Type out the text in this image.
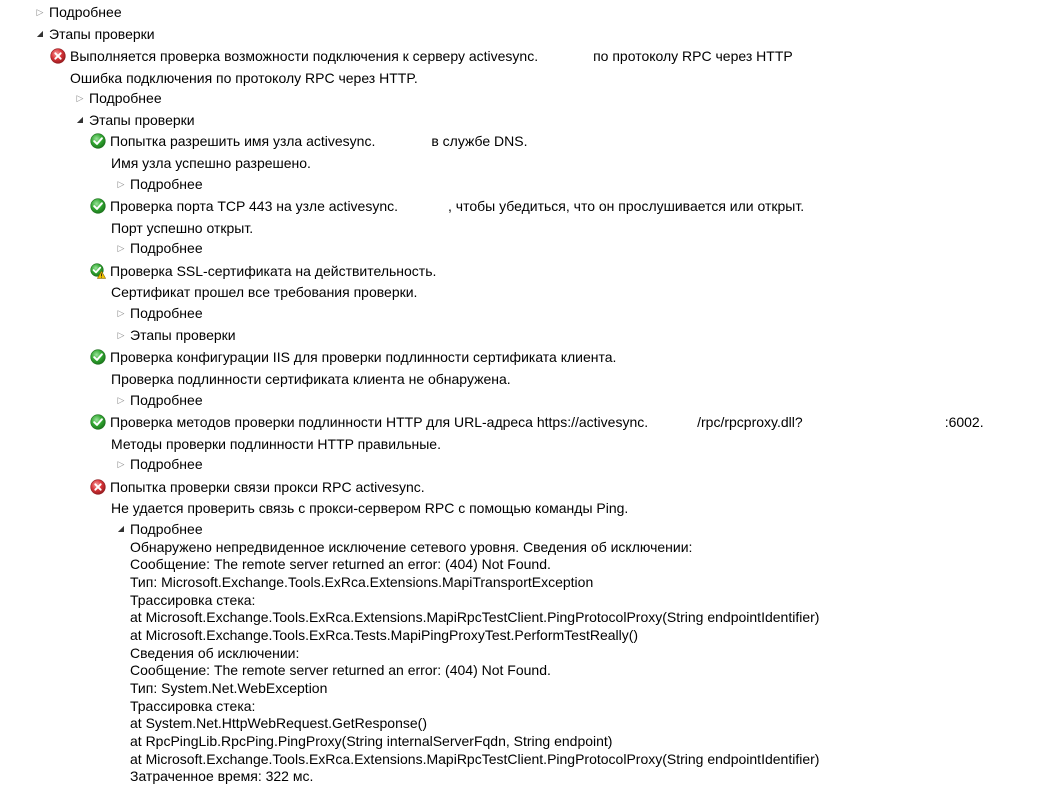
▷ Подробнее
◢ Этапы проверки
Выполняется проверка возможности подключения к серверу activesync.	по протоколу RPC через HTTP
Ошибка подключения по протоколу RPC через HTTP.
▷ Подробнее
◢ Этапы проверки
Попытка разрешить имя узла activesync.	в службе DNS.
Имя узла успешно разрешено.
▷ Подробнее
Проверка порта TCP 443 на узле activesync.	, чтобы убедиться, что он прослушивается или открыт.
Порт успешно открыт.
▷ Подробнее
Проверка SSL-сертификата на действительность.
Сертификат прошел все требования проверки.
▷ Подробнее
▷ Этапы проверки
Проверка конфигурации IIS для проверки подлинности сертификата клиента.
Проверка подлинности сертификата клиента не обнаружена.
▷ Подробнее
Проверка методов проверки подлинности HTTP для URL-адреса https://activesync.	/rpc/rpcproxy.dll?	:6002.
Методы проверки подлинности HTTP правильные.
▷ Подробнее
Попытка проверки связи прокси RPC activesync.
Не удается проверить связь с прокси-сервером RPC с помощью команды Ping.
◢ Подробнее
Обнаружено непредвиденное исключение сетевого уровня. Сведения об исключении:
Сообщение: The remote server returned an error: (404) Not Found.
Тип: Microsoft.Exchange.Tools.ExRca.Extensions.MapiTransportException
Трассировка стека:
at Microsoft.Exchange.Tools.ExRca.Extensions.MapiRpcTestClient.PingProtocolProxy(String endpointIdentifier)
at Microsoft.Exchange.Tools.ExRca.Tests.MapiPingProxyTest.PerformTestReally()
Сведения об исключении:
Сообщение: The remote server returned an error: (404) Not Found.
Тип: System.Net.WebException
Трассировка стека:
at System.Net.HttpWebRequest.GetResponse()
at RpcPingLib.RpcPing.PingProxy(String internalServerFqdn, String endpoint)
at Microsoft.Exchange.Tools.ExRca.Extensions.MapiRpcTestClient.PingProtocolProxy(String endpointIdentifier)
Затраченное время: 322 мс.
